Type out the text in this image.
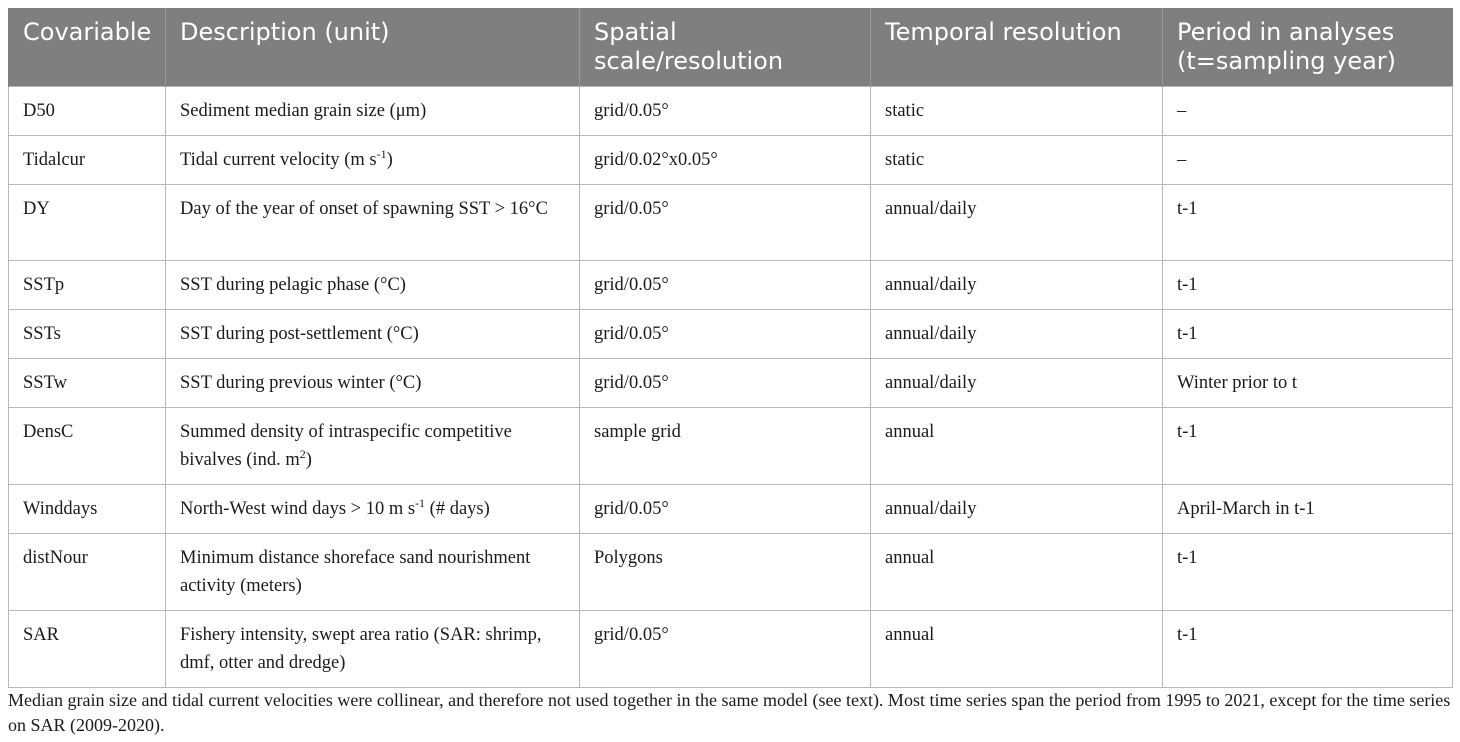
Covariable	Description (unit)	Spatial scale/resolution	Temporal resolution	Period in analyses (t=sampling year)
D50	Sediment median grain size (μm)	grid/0.05°	static	–
Tidalcur	Tidal current velocity (m $s^{-1}$)	grid/0.02°x0.05°	static	–
DY	Day of the year of onset of spawning SST > 16°C	grid/0.05°	annual/daily	t-1
SSTp	SST during pelagic phase (°C)	grid/0.05°	annual/daily	t-1
SSTs	SST during post-settlement (°C)	grid/0.05°	annual/daily	t-1
SSTw	SST during previous winter (°C)	grid/0.05°	annual/daily	Winter prior to t
DensC	Summed density of intraspecific competitive bivalves (ind. $m^2$)	sample grid	annual	t-1
Winddays	North-West wind days > 10 m $s^{-1}$ (# days)	grid/0.05°	annual/daily	April-March in t-1
distNour	Minimum distance shoreface sand nourishment activity (meters)	Polygons	annual	t-1
SAR	Fishery intensity, swept area ratio (SAR: shrimp, dmf, otter and dredge)	grid/0.05°	annual	t-1
Median grain size and tidal current velocities were collinear, and therefore not used together in the same model (see text). Most time series span the period from 1995 to 2021, except for the time series on SAR (2009-2020).
